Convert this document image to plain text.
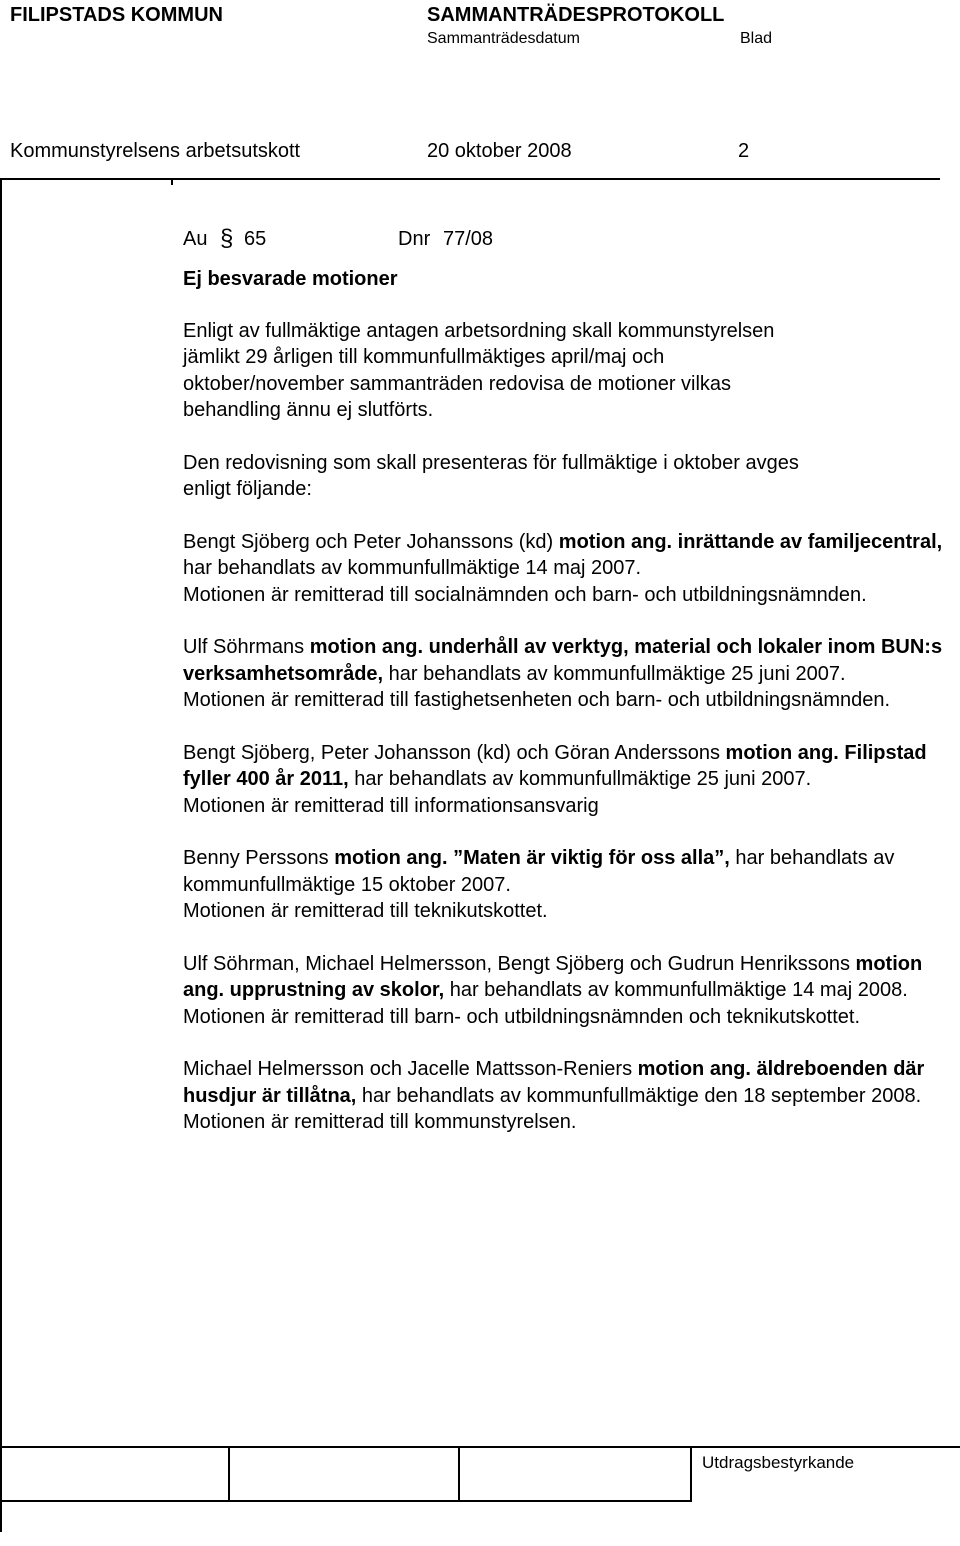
FILIPSTADS KOMMUN	SAMMANTRÄDESPROTOKOLL
Sammanträdesdatum	Blad
Kommunstyrelsens arbetsutskott	20 oktober 2008	2
Utdragsbestyrkande
Au § 65	Dnr 77/08
Ej besvarade motioner
Enligt av fullmäktige antagen arbetsordning skall kommunstyrelsen
jämlikt 29 årligen till kommunfullmäktiges april/maj och
oktober/november sammanträden redovisa de motioner vilkas
behandling ännu ej slutförts.
Den redovisning som skall presenteras för fullmäktige i oktober avges
enligt följande:

Bengt Sjöberg och Peter Johanssons (kd) motion ang. inrättande av familjecentral, har behandlats av kommunfullmäktige 14 maj 2007.

Motionen är remitterad till socialnämnden och barn- och utbildningsnämnden.

Ulf Söhrmans motion ang. underhåll av verktyg, material och lokaler inom BUN:s verksamhetsområde, har behandlats av kommunfullmäktige 25 juni 2007.

Motionen är remitterad till fastighetsenheten och barn- och utbildningsnämnden.

Bengt Sjöberg, Peter Johansson (kd) och Göran Anderssons motion ang. Filipstad fyller 400 år 2011, har behandlats av kommunfullmäktige 25 juni 2007.

Motionen är remitterad till informationsansvarig

Benny Perssons motion ang. ”Maten är viktig för oss alla”, har behandlats av kommunfullmäktige 15 oktober 2007.

Motionen är remitterad till teknikutskottet.

Ulf Söhrman, Michael Helmersson, Bengt Sjöberg och Gudrun Henrikssons motion ang. upprustning av skolor, har behandlats av kommunfullmäktige 14 maj 2008.

Motionen är remitterad till barn- och utbildningsnämnden och teknikutskottet.

Michael Helmersson och Jacelle Mattsson-Reniers motion ang. äldreboenden där husdjur är tillåtna, har behandlats av kommunfullmäktige den 18 september 2008.

Motionen är remitterad till kommunstyrelsen.
